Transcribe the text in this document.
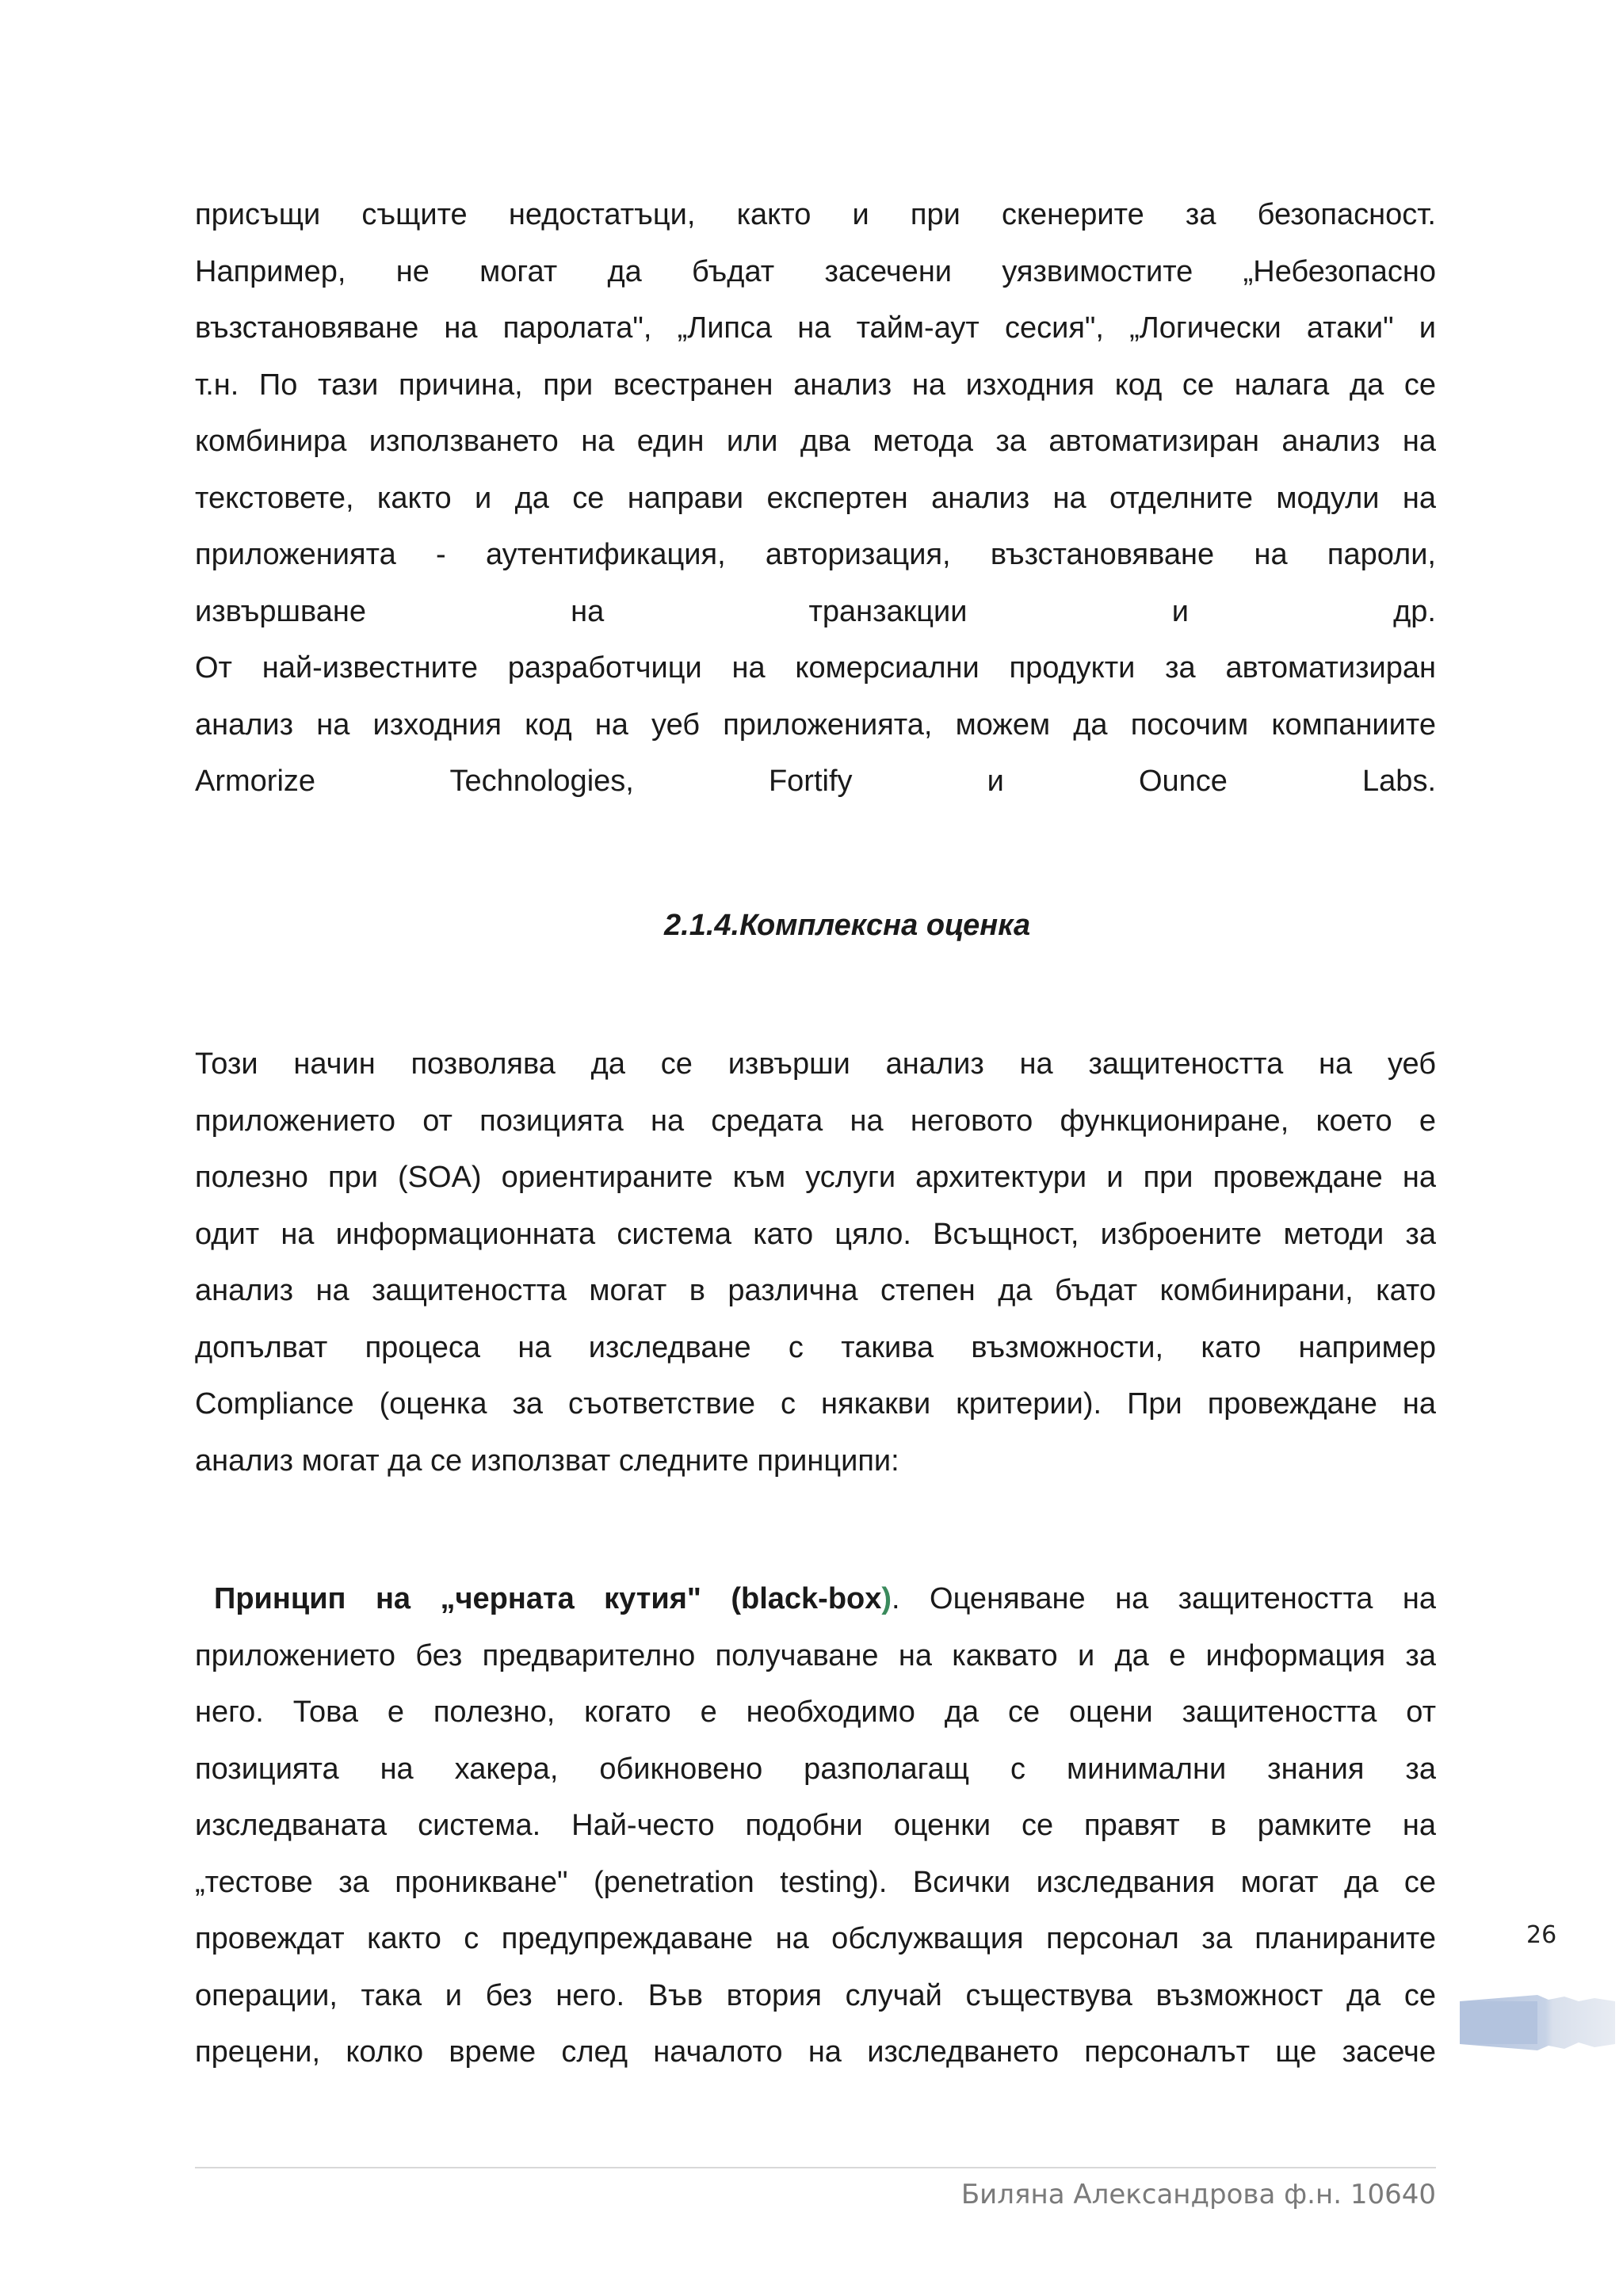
присъщи същите недостатъци, както и при скенерите за безопасност.
Например, не могат да бъдат засечени уязвимостите „Небезопасно
възстановяване на паролата", „Липса на тайм-аут сесия", „Логически атаки" и
т.н. По тази причина, при всестранен анализ на изходния код се налага да се
комбинира използването на един или два метода за автоматизиран анализ на
текстовете, както и да се направи експертен анализ на отделните модули на
приложенията - аутентификация, авторизация, възстановяване на пароли,
извършване на транзакции и др.
От най-известните разработчици на комерсиални продукти за автоматизиран
анализ на изходния код на уеб приложенията, можем да посочим компаниите
Armorize Technologies, Fortify и Ounce Labs.
2.1.4.Комплексна оценка
Този начин позволява да се извърши анализ на защитеността на уеб
приложението от позицията на средата на неговото функциониране, което е
полезно при (SOA) ориентираните към услуги архитектури и при провеждане на
одит на информационната система като цяло. Всъщност, изброените методи за
анализ на защитеността могат в различна степен да бъдат комбинирани, като
допълват процеса на изследване с такива възможности, като например
Compliance (оценка за съответствие с някакви критерии). При провеждане на
анализ могат да се използват следните принципи:
Принцип на „черната кутия" (black-box). Оценяване на защитеността на
приложението без предварително получаване на каквато и да е информация за
него. Това е полезно, когато е необходимо да се оцени защитеността от
позицията на хакера, обикновено разполагащ с минимални знания за
изследваната система. Най-често подобни оценки се правят в рамките на
„тестове за проникване" (penetration testing). Всички изследвания могат да се
провеждат както с предупреждаване на обслужващия персонал за планираните
операции, така и без него. Във втория случай съществува възможност да се
прецени, колко време след началото на изследването персоналът ще засече
26
Биляна Александрова ф.н. 10640
